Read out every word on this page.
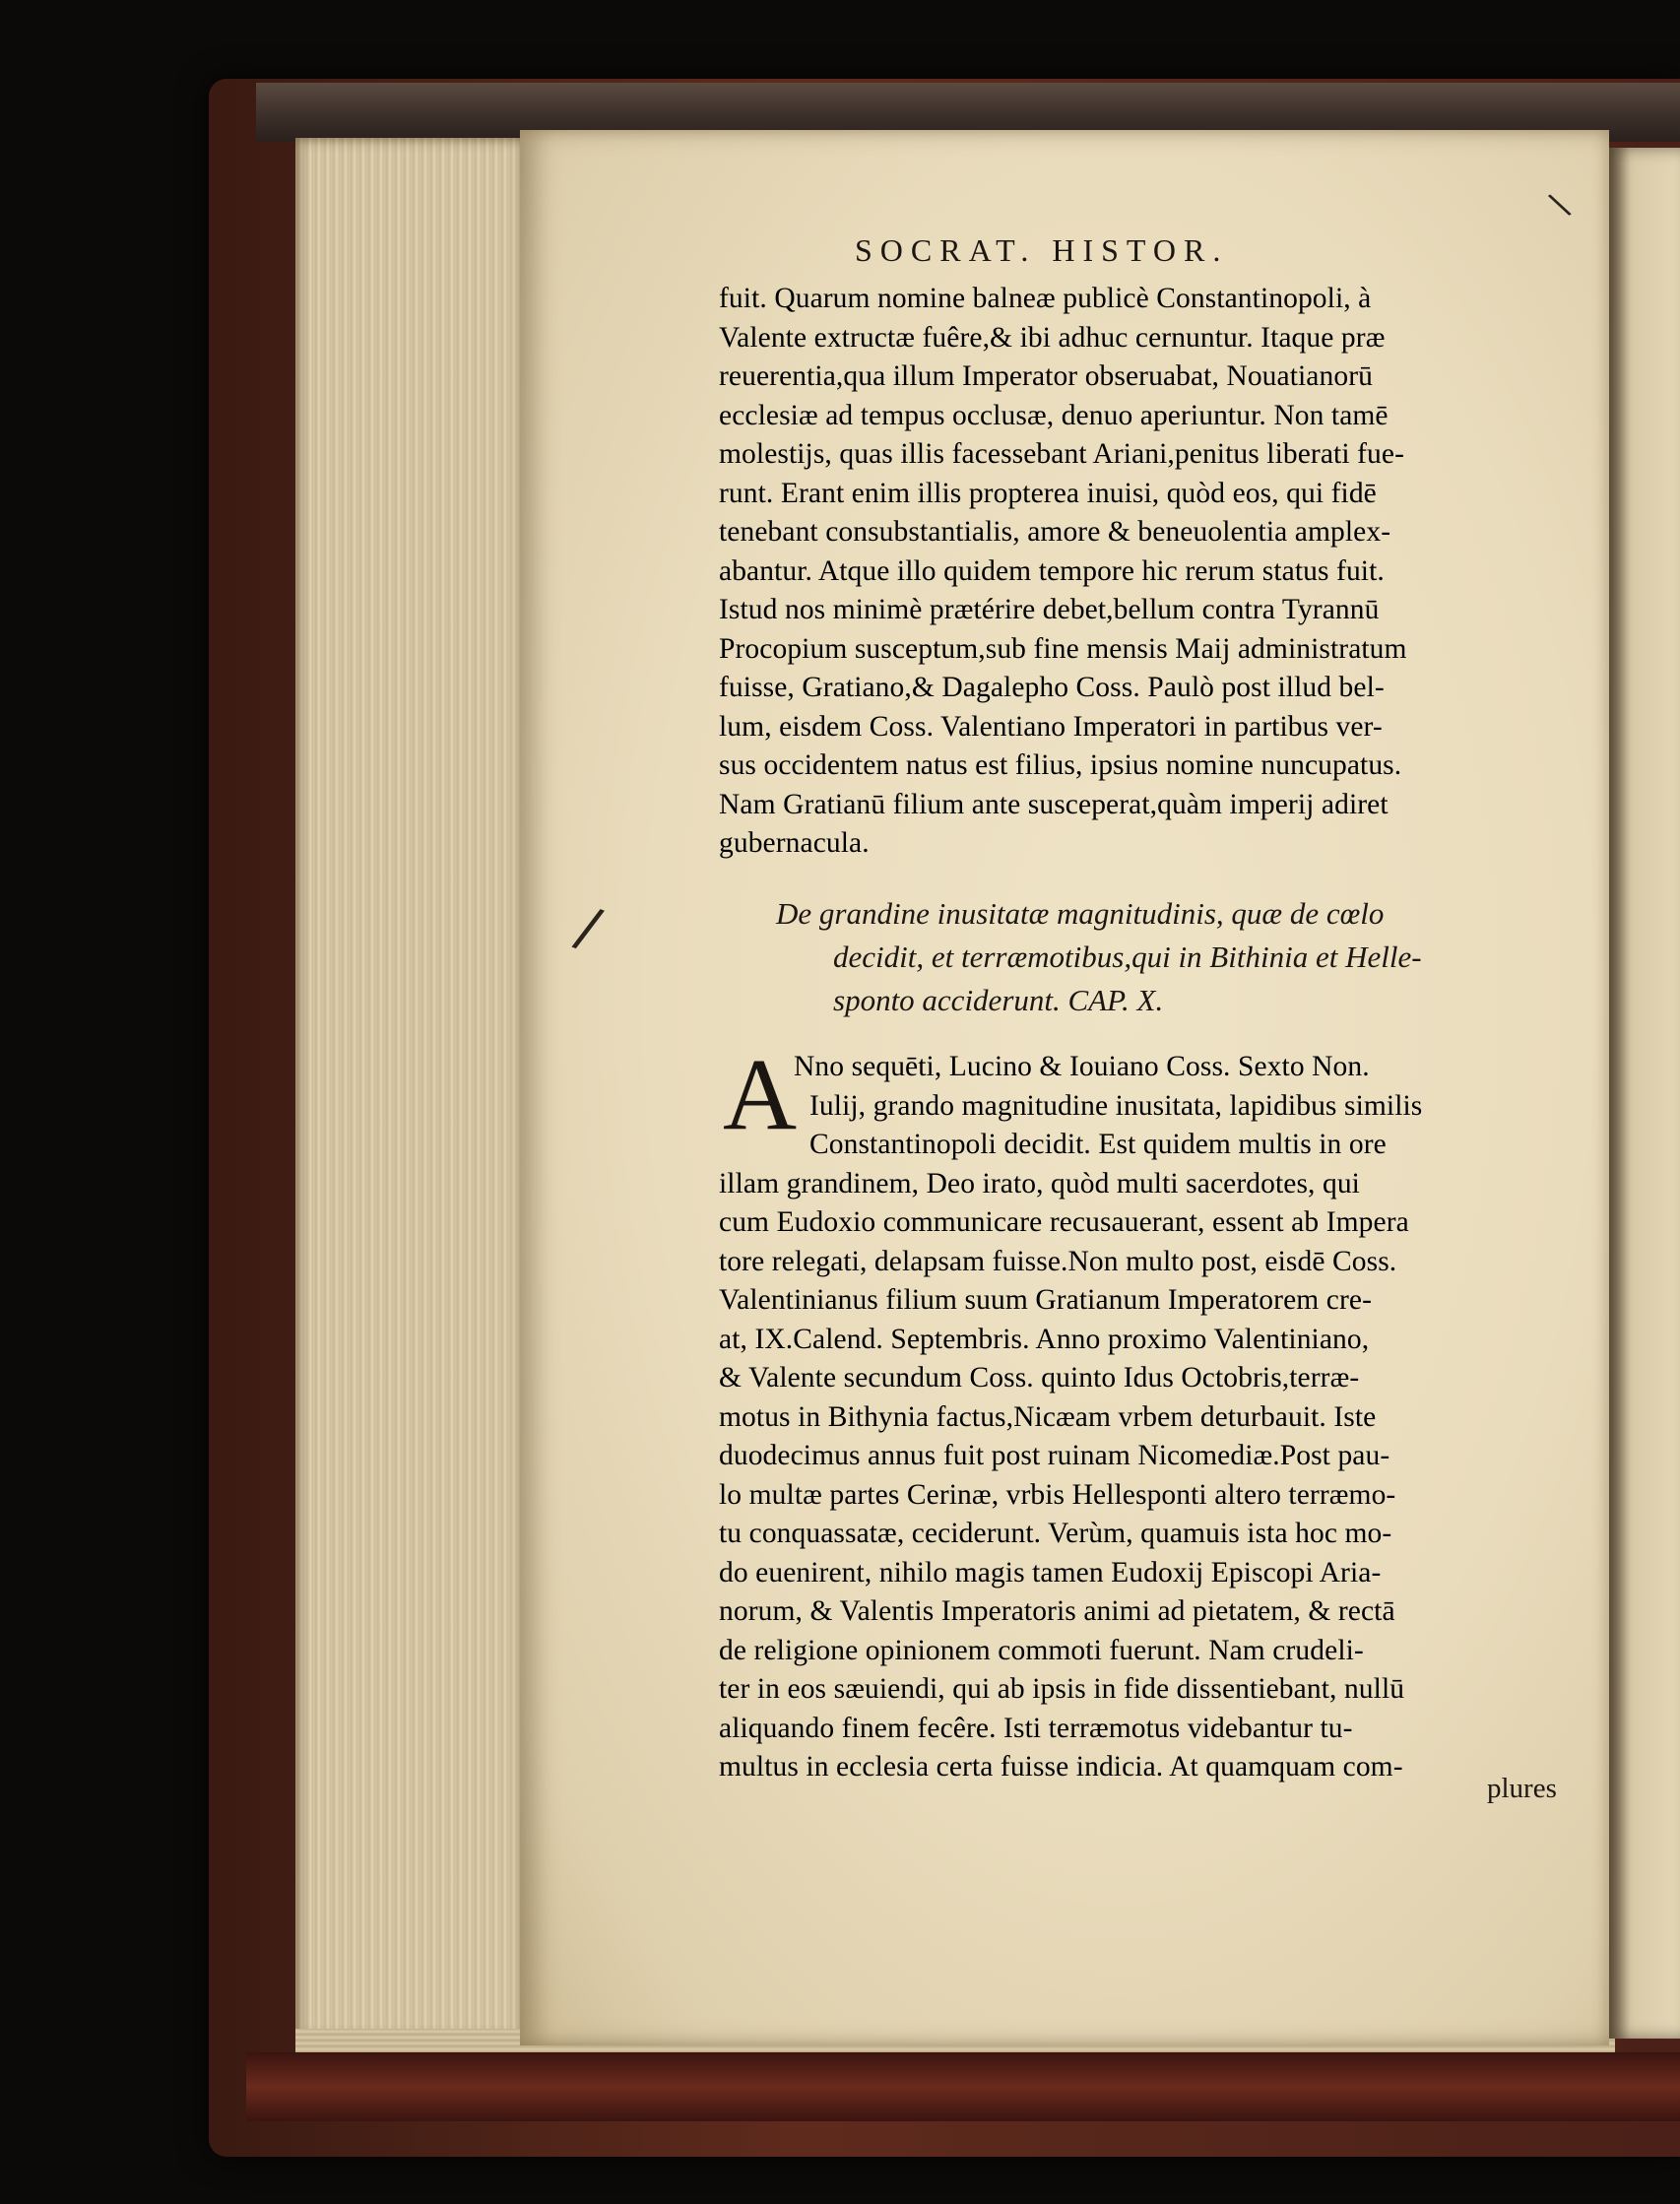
\
/
SOCRAT. HISTOR.
fuit. Quarum nomine balneæ publicè Constantinopoli, à
Valente extructæ fuêre,& ibi adhuc cernuntur. Itaque præ
reuerentia,qua illum Imperator obseruabat, Nouatianorū
ecclesiæ ad tempus occlusæ, denuo aperiuntur. Non tamē
molestijs, quas illis facessebant Ariani,penitus liberati fue-
runt. Erant enim illis propterea inuisi, quòd eos, qui fidē
tenebant consubstantialis, amore & beneuolentia amplex-
abantur. Atque illo quidem tempore hic rerum status fuit.
Istud nos minimè prætérire debet,bellum contra Tyrannū
Procopium susceptum,sub fine mensis Maij administratum
fuisse, Gratiano,& Dagalepho Coss. Paulò post illud bel-
lum, eisdem Coss. Valentiano Imperatori in partibus ver-
sus occidentem natus est filius, ipsius nomine nuncupatus.
Nam Gratianū filium ante susceperat,quàm imperij adiret
gubernacula.
De grandine inusitatæ magnitudinis, quæ de cœlo
decidit, et terræmotibus,qui in Bithinia et Helle-
sponto acciderunt. CAP. X.
A
Nno sequēti, Lucino & Iouiano Coss. Sexto Non.
Iulij, grando magnitudine inusitata, lapidibus similis
Constantinopoli decidit. Est quidem multis in ore
illam grandinem, Deo irato, quòd multi sacerdotes, qui
cum Eudoxio communicare recusauerant, essent ab Impera
tore relegati, delapsam fuisse.Non multo post, eisdē Coss.
Valentinianus filium suum Gratianum Imperatorem cre-
at, IX.Calend. Septembris. Anno proximo Valentiniano,
& Valente secundum Coss. quinto Idus Octobris,terræ-
motus in Bithynia factus,Nicæam vrbem deturbauit. Iste
duodecimus annus fuit post ruinam Nicomediæ.Post pau-
lo multæ partes Cerinæ, vrbis Hellesponti altero terræmo-
tu conquassatæ, ceciderunt. Verùm, quamuis ista hoc mo-
do euenirent, nihilo magis tamen Eudoxij Episcopi Aria-
norum, & Valentis Imperatoris animi ad pietatem, & rectā
de religione opinionem commoti fuerunt. Nam crudeli-
ter in eos sæuiendi, qui ab ipsis in fide dissentiebant, nullū
aliquando finem fecêre. Isti terræmotus videbantur tu-
multus in ecclesia certa fuisse indicia. At quamquam com-
plures
